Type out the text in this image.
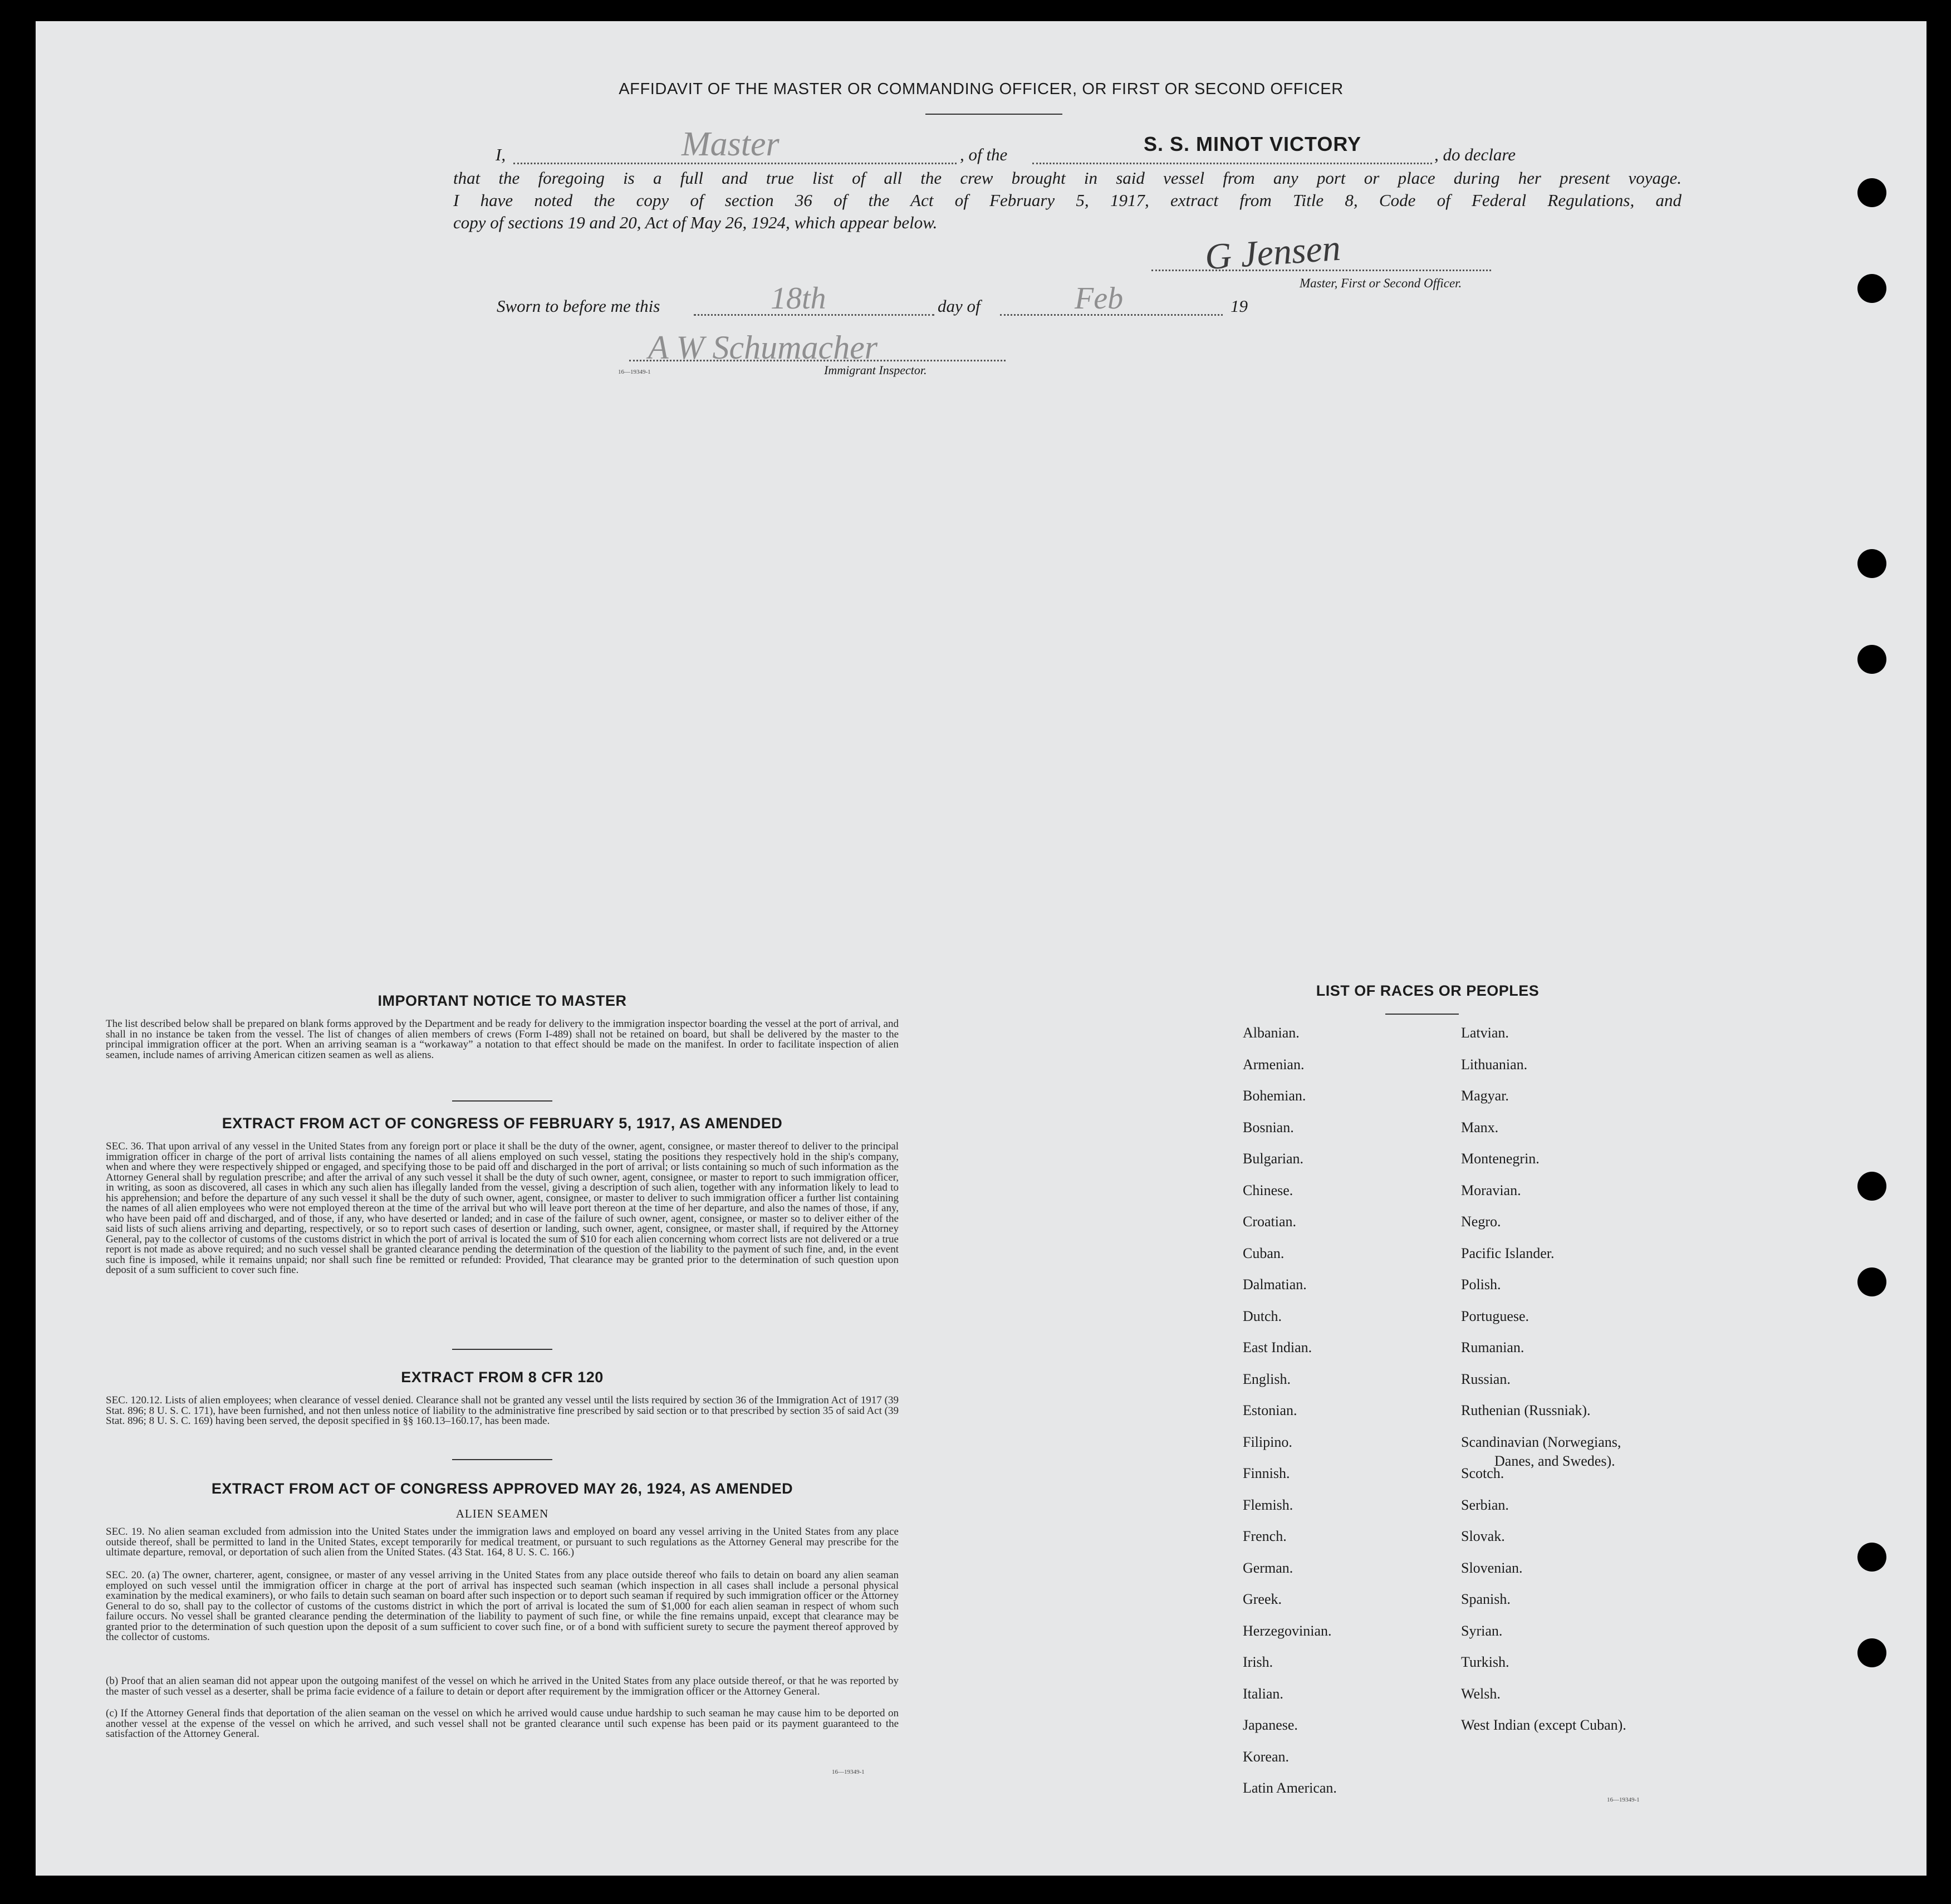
AFFIDAVIT OF THE MASTER OR COMMANDING OFFICER, OR FIRST OR SECOND OFFICER
I,	Master	, of the	S. S. MINOT VICTORY	, do declare
that the foregoing is a full and true list of all the crew brought in said vessel from any port or place during her present voyage.
I have noted the copy of section 36 of the Act of February 5, 1917, extract from Title 8, Code of Federal Regulations, and
copy of sections 19 and 20, Act of May 26, 1924, which appear below.
G Jensen
Master, First or Second Officer.
Sworn to before me this	18th	day of	Feb	19
A W Schumacher
Immigrant Inspector.
16—19349-1
IMPORTANT NOTICE TO MASTER
The list described below shall be prepared on blank forms approved by the Department and be ready for delivery to the immigration inspector boarding the vessel at the port of arrival, and shall in no instance be taken from the vessel. The list of changes of alien members of crews (Form I-489) shall not be retained on board, but shall be delivered by the master to the principal immigration officer at the port. When an arriving seaman is a “workaway” a notation to that effect should be made on the manifest. In order to facilitate inspection of alien seamen, include names of arriving American citizen seamen as well as aliens.
EXTRACT FROM ACT OF CONGRESS OF FEBRUARY 5, 1917, AS AMENDED
SEC. 36. That upon arrival of any vessel in the United States from any foreign port or place it shall be the duty of the owner, agent, consignee, or master thereof to deliver to the principal immigration officer in charge of the port of arrival lists containing the names of all aliens employed on such vessel, stating the positions they respectively hold in the ship's company, when and where they were respectively shipped or engaged, and specifying those to be paid off and discharged in the port of arrival; or lists containing so much of such information as the Attorney General shall by regulation prescribe; and after the arrival of any such vessel it shall be the duty of such owner, agent, consignee, or master to report to such immigration officer, in writing, as soon as discovered, all cases in which any such alien has illegally landed from the vessel, giving a description of such alien, together with any information likely to lead to his apprehension; and before the departure of any such vessel it shall be the duty of such owner, agent, consignee, or master to deliver to such immigration officer a further list containing the names of all alien employees who were not employed thereon at the time of the arrival but who will leave port thereon at the time of her departure, and also the names of those, if any, who have been paid off and discharged, and of those, if any, who have deserted or landed; and in case of the failure of such owner, agent, consignee, or master so to deliver either of the said lists of such aliens arriving and departing, respectively, or so to report such cases of desertion or landing, such owner, agent, consignee, or master shall, if required by the Attorney General, pay to the collector of customs of the customs district in which the port of arrival is located the sum of $10 for each alien concerning whom correct lists are not delivered or a true report is not made as above required; and no such vessel shall be granted clearance pending the determination of the question of the liability to the payment of such fine, and, in the event such fine is imposed, while it remains unpaid; nor shall such fine be remitted or refunded: Provided, That clearance may be granted prior to the determination of such question upon deposit of a sum sufficient to cover such fine.
EXTRACT FROM 8 CFR 120
SEC. 120.12. Lists of alien employees; when clearance of vessel denied. Clearance shall not be granted any vessel until the lists required by section 36 of the Immigration Act of 1917 (39 Stat. 896; 8 U. S. C. 171), have been furnished, and not then unless notice of liability to the administrative fine prescribed by said section or to that prescribed by section 35 of said Act (39 Stat. 896; 8 U. S. C. 169) having been served, the deposit specified in §§ 160.13–160.17, has been made.
EXTRACT FROM ACT OF CONGRESS APPROVED MAY 26, 1924, AS AMENDED
ALIEN SEAMEN
SEC. 19. No alien seaman excluded from admission into the United States under the immigration laws and employed on board any vessel arriving in the United States from any place outside thereof, shall be permitted to land in the United States, except temporarily for medical treatment, or pursuant to such regulations as the Attorney General may prescribe for the ultimate departure, removal, or deportation of such alien from the United States. (43 Stat. 164, 8 U. S. C. 166.)
SEC. 20. (a) The owner, charterer, agent, consignee, or master of any vessel arriving in the United States from any place outside thereof who fails to detain on board any alien seaman employed on such vessel until the immigration officer in charge at the port of arrival has inspected such seaman (which inspection in all cases shall include a personal physical examination by the medical examiners), or who fails to detain such seaman on board after such inspection or to deport such seaman if required by such immigration officer or the Attorney General to do so, shall pay to the collector of customs of the customs district in which the port of arrival is located the sum of $1,000 for each alien seaman in respect of whom such failure occurs. No vessel shall be granted clearance pending the determination of the liability to payment of such fine, or while the fine remains unpaid, except that clearance may be granted prior to the determination of such question upon the deposit of a sum sufficient to cover such fine, or of a bond with sufficient surety to secure the payment thereof approved by the collector of customs.
(b) Proof that an alien seaman did not appear upon the outgoing manifest of the vessel on which he arrived in the United States from any place outside thereof, or that he was reported by the master of such vessel as a deserter, shall be prima facie evidence of a failure to detain or deport after requirement by the immigration officer or the Attorney General.
(c) If the Attorney General finds that deportation of the alien seaman on the vessel on which he arrived would cause undue hardship to such seaman he may cause him to be deported on another vessel at the expense of the vessel on which he arrived, and such vessel shall not be granted clearance until such expense has been paid or its payment guaranteed to the satisfaction of the Attorney General.
16—19349-1
LIST OF RACES OR PEOPLES
Albanian.
Armenian.
Bohemian.
Bosnian.
Bulgarian.
Chinese.
Croatian.
Cuban.
Dalmatian.
Dutch.
East Indian.
English.
Estonian.
Filipino.
Finnish.
Flemish.
French.
German.
Greek.
Herzegovinian.
Irish.
Italian.
Japanese.
Korean.
Latin American.
Latvian.
Lithuanian.
Magyar.
Manx.
Montenegrin.
Moravian.
Negro.
Pacific Islander.
Polish.
Portuguese.
Rumanian.
Russian.
Ruthenian (Russniak).
Scandinavian (Norwegians,
Danes, and Swedes).
Scotch.
Serbian.
Slovak.
Slovenian.
Spanish.
Syrian.
Turkish.
Welsh.
West Indian (except Cuban).
16—19349-1
